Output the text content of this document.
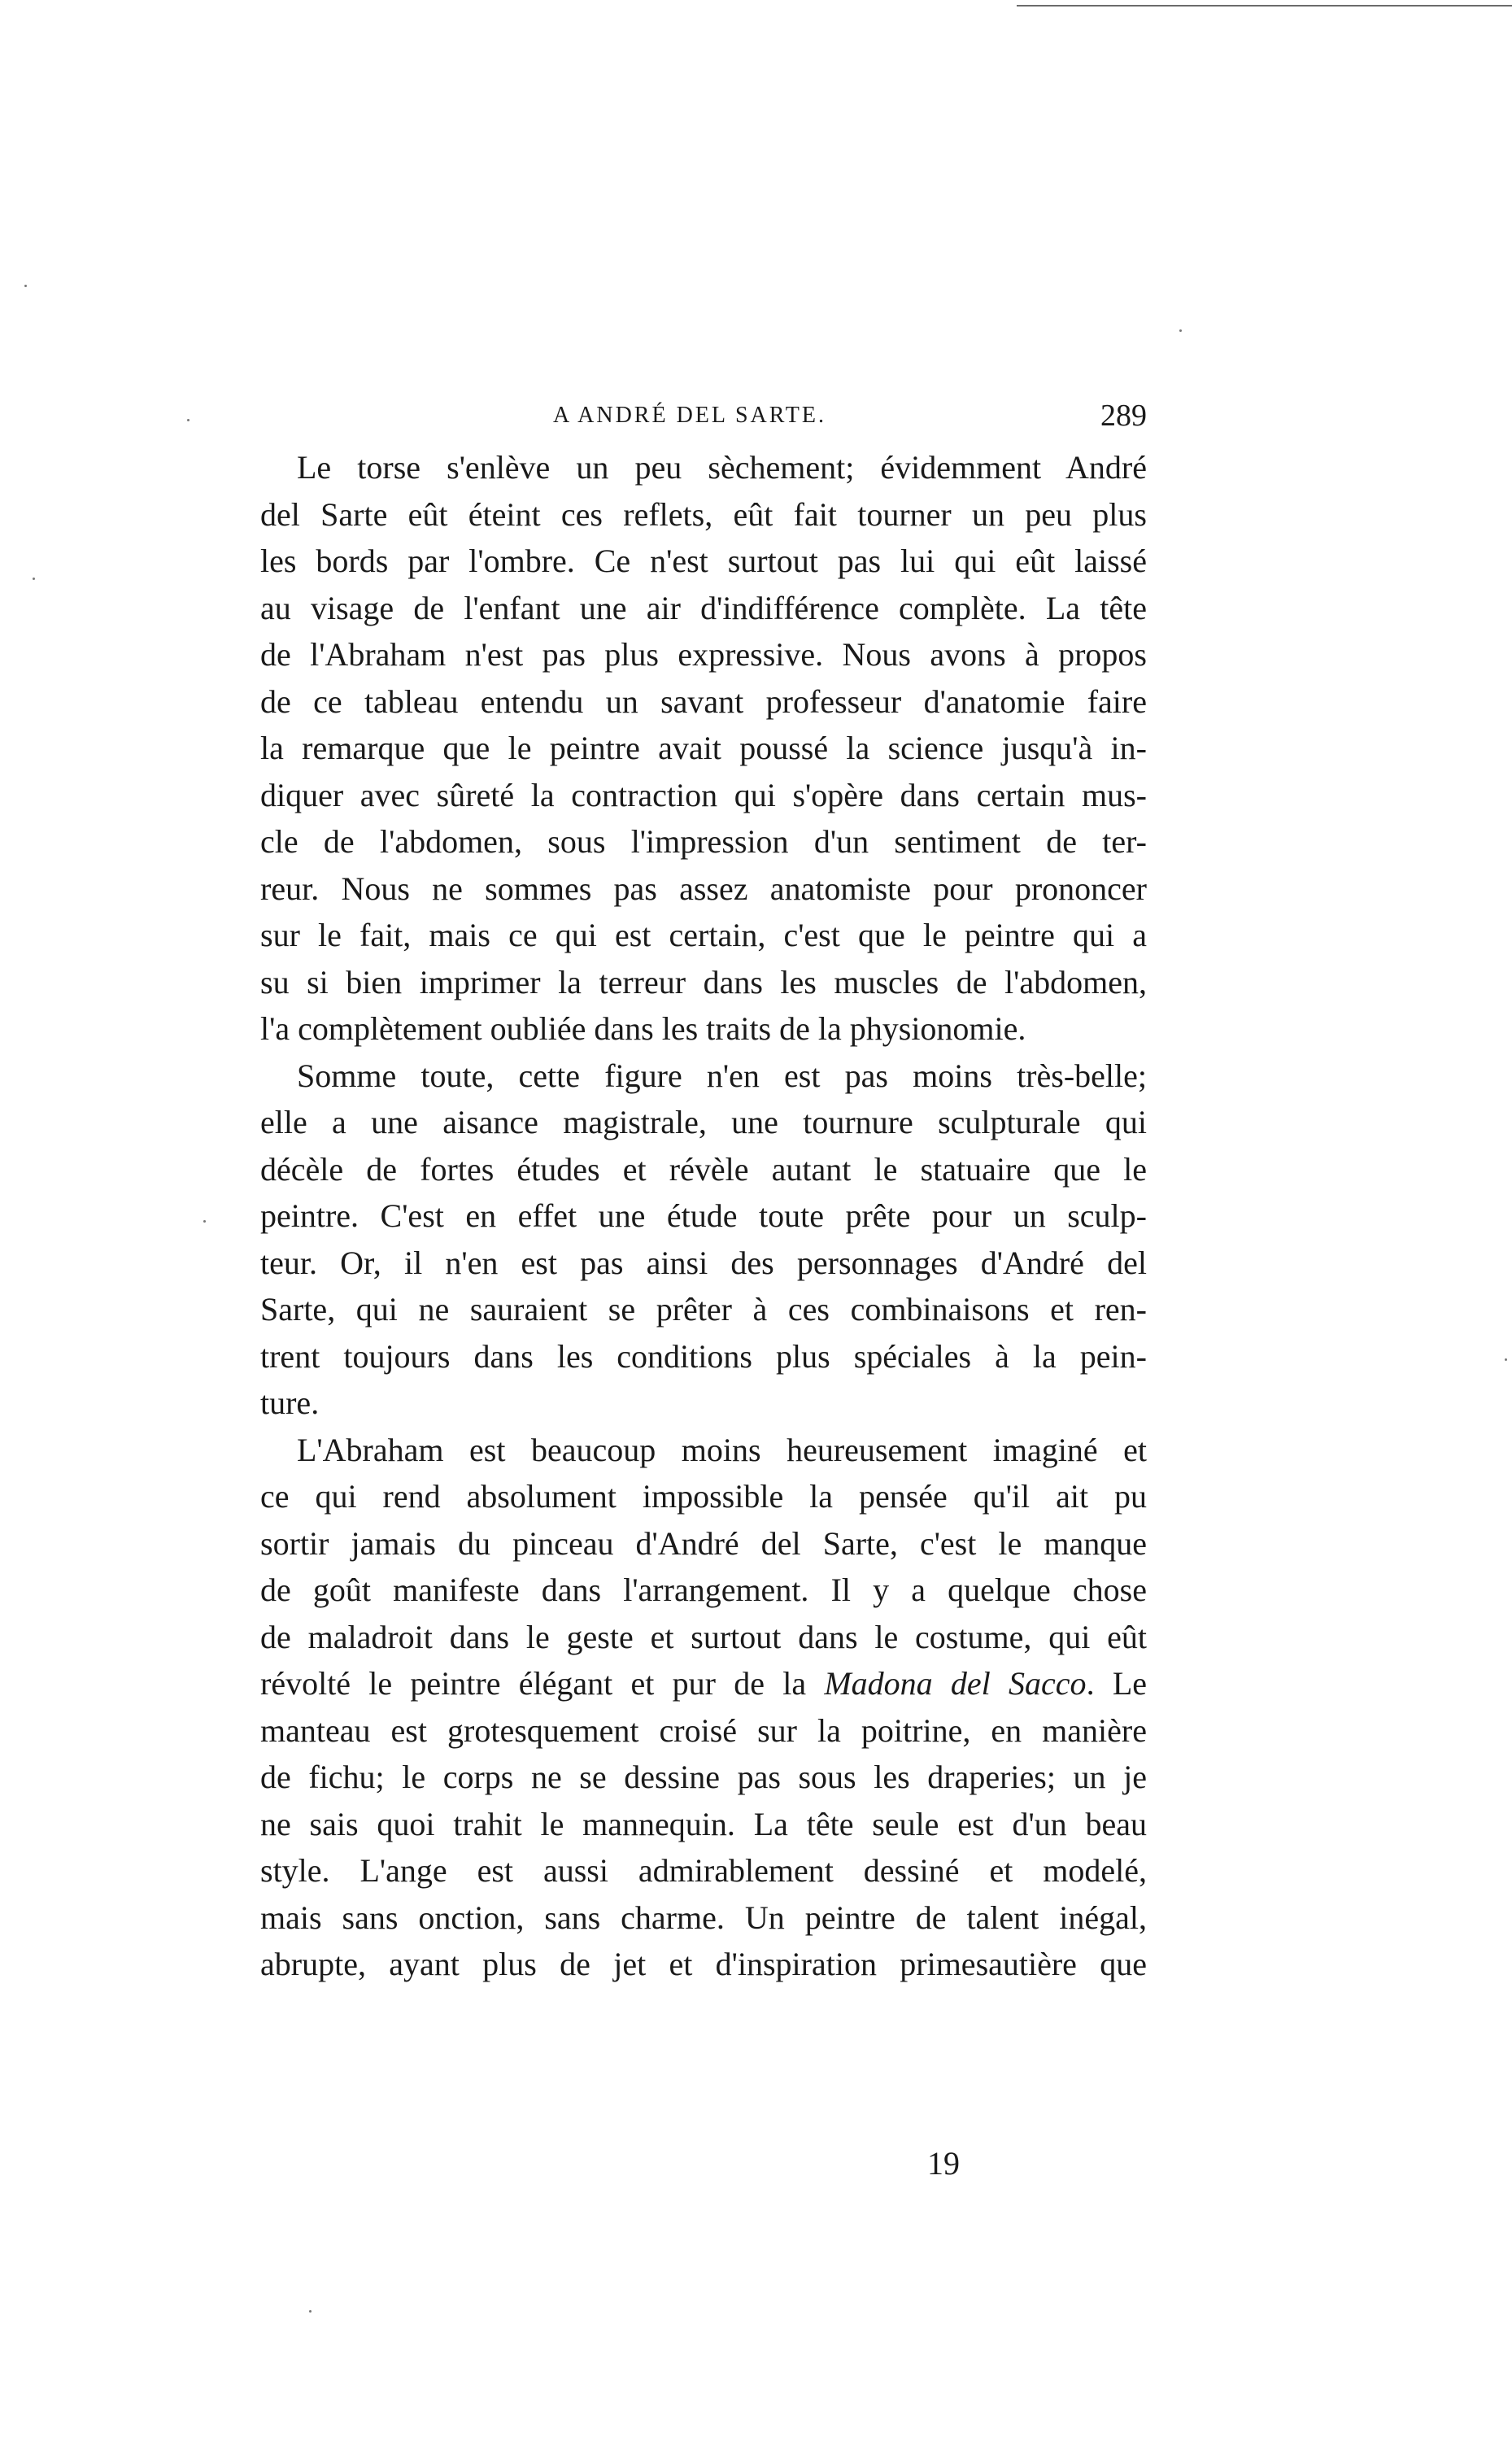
A ANDRÉ DEL SARTE.	289
Le torse s'enlève un peu sèchement; évidemment André
del Sarte eût éteint ces reflets, eût fait tourner un peu plus
les bords par l'ombre. Ce n'est surtout pas lui qui eût laissé
au visage de l'enfant une air d'indifférence complète. La tête
de l'Abraham n'est pas plus expressive. Nous avons à propos
de ce tableau entendu un savant professeur d'anatomie faire
la remarque que le peintre avait poussé la science jusqu'à in-
diquer avec sûreté la contraction qui s'opère dans certain mus-
cle de l'abdomen, sous l'impression d'un sentiment de ter-
reur. Nous ne sommes pas assez anatomiste pour prononcer
sur le fait, mais ce qui est certain, c'est que le peintre qui a
su si bien imprimer la terreur dans les muscles de l'abdomen,
l'a complètement oubliée dans les traits de la physionomie.
Somme toute, cette figure n'en est pas moins très-belle;
elle a une aisance magistrale, une tournure sculpturale qui
décèle de fortes études et révèle autant le statuaire que le
peintre. C'est en effet une étude toute prête pour un sculp-
teur. Or, il n'en est pas ainsi des personnages d'André del
Sarte, qui ne sauraient se prêter à ces combinaisons et ren-
trent toujours dans les conditions plus spéciales à la pein-
ture.
L'Abraham est beaucoup moins heureusement imaginé et
ce qui rend absolument impossible la pensée qu'il ait pu
sortir jamais du pinceau d'André del Sarte, c'est le manque
de goût manifeste dans l'arrangement. Il y a quelque chose
de maladroit dans le geste et surtout dans le costume, qui eût
révolté le peintre élégant et pur de la Madona del Sacco. Le
manteau est grotesquement croisé sur la poitrine, en manière
de fichu; le corps ne se dessine pas sous les draperies; un je
ne sais quoi trahit le mannequin. La tête seule est d'un beau
style. L'ange est aussi admirablement dessiné et modelé,
mais sans onction, sans charme. Un peintre de talent inégal,
abrupte, ayant plus de jet et d'inspiration primesautière que
19
